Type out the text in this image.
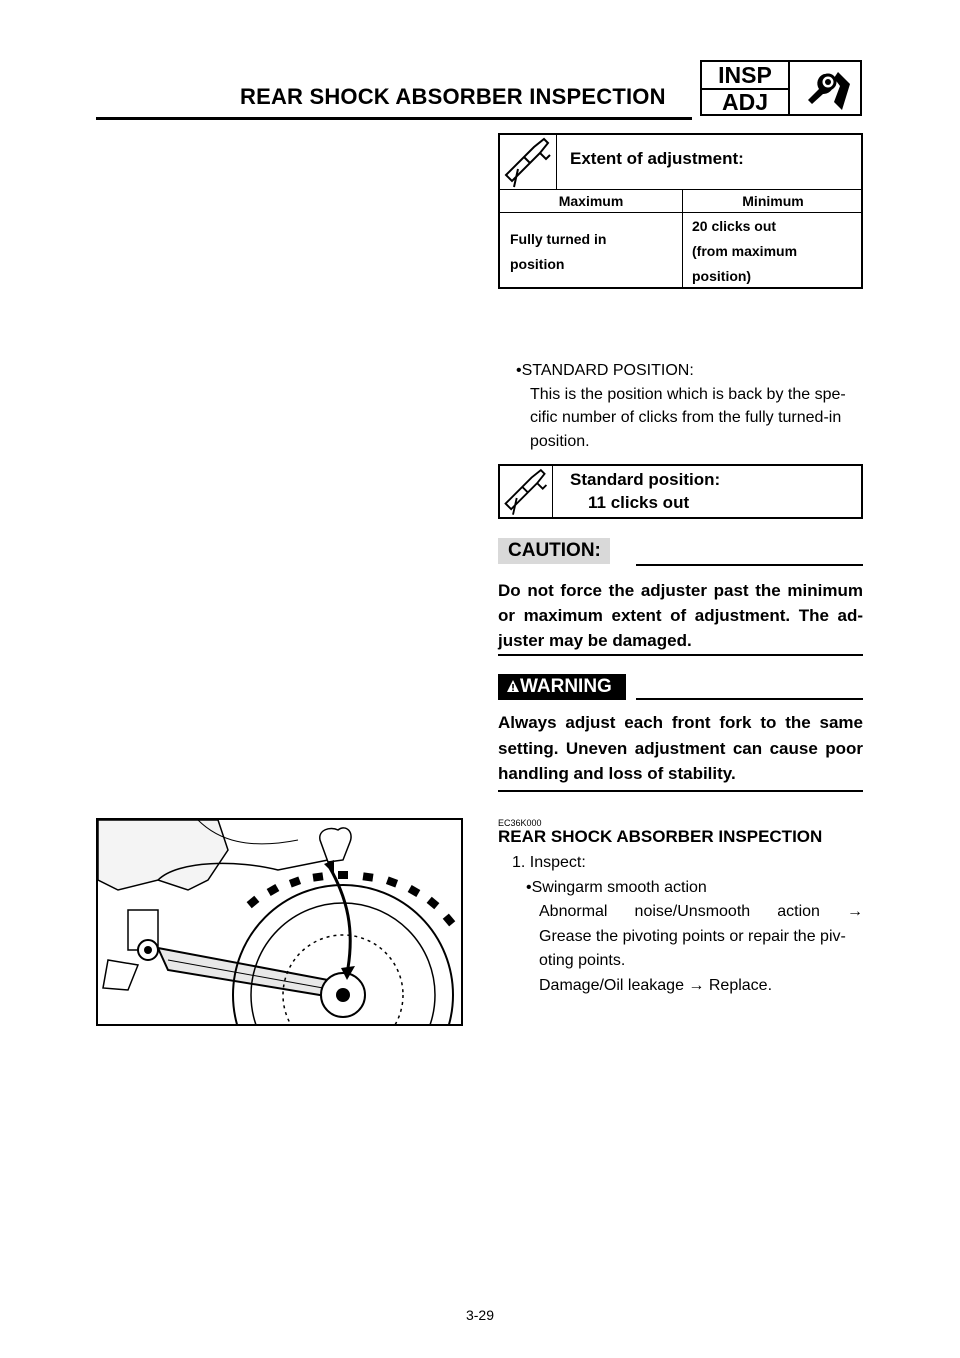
REAR SHOCK ABSORBER INSPECTION
INSP
ADJ
Extent of adjustment:
Maximum	Minimum
Fully turned in
position
20 clicks out
(from maximum
position)
•STANDARD POSITION:
This is the position which is back by the spe-
cific number of clicks from the fully turned-in
position.
Standard position:
11 clicks out
CAUTION:
Do not force the adjuster past the minimum or maximum extent of adjustment. The ad- juster may be damaged.
WARNING
Always adjust each front fork to the same setting. Uneven adjustment can cause poor handling and loss of stability.
EC36K000
REAR SHOCK ABSORBER INSPECTION
1. Inspect:
•Swingarm smooth action
Abnormal noise/Unsmooth action →
Grease the pivoting points or repair the piv-
oting points.
Damage/Oil leakage → Replace.
3-29
